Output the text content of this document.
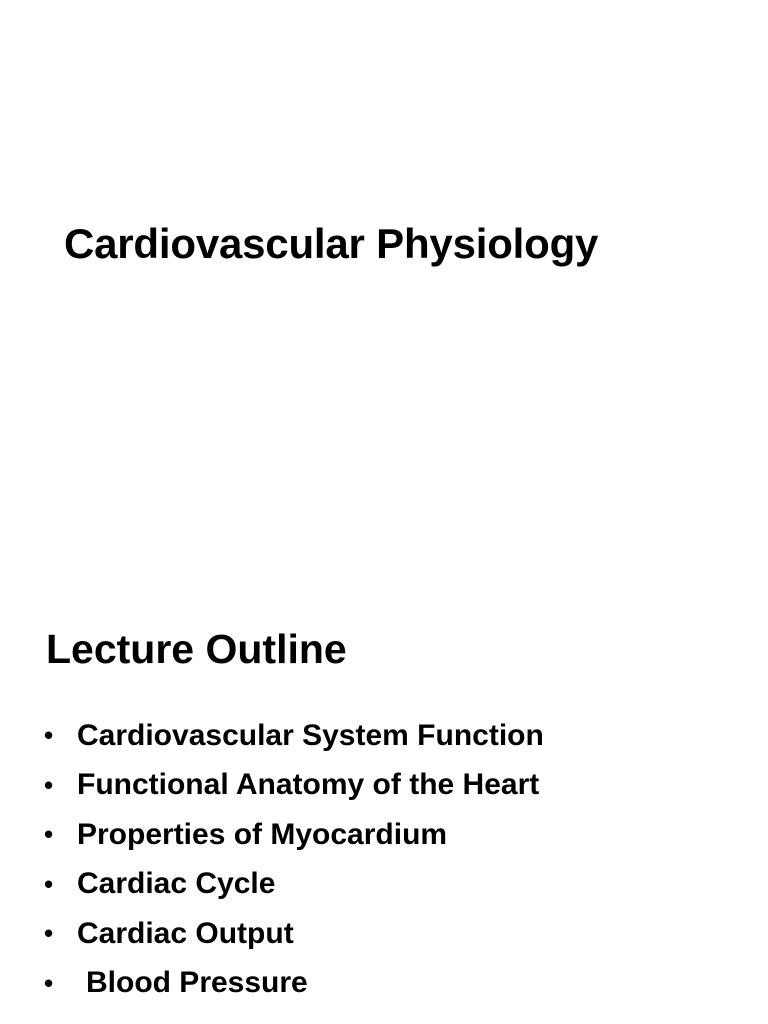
Cardiovascular Physiology
Lecture Outline
• Cardiovascular System Function
• Functional Anatomy of the Heart
• Properties of Myocardium
• Cardiac Cycle
• Cardiac Output
•	Blood Pressure
